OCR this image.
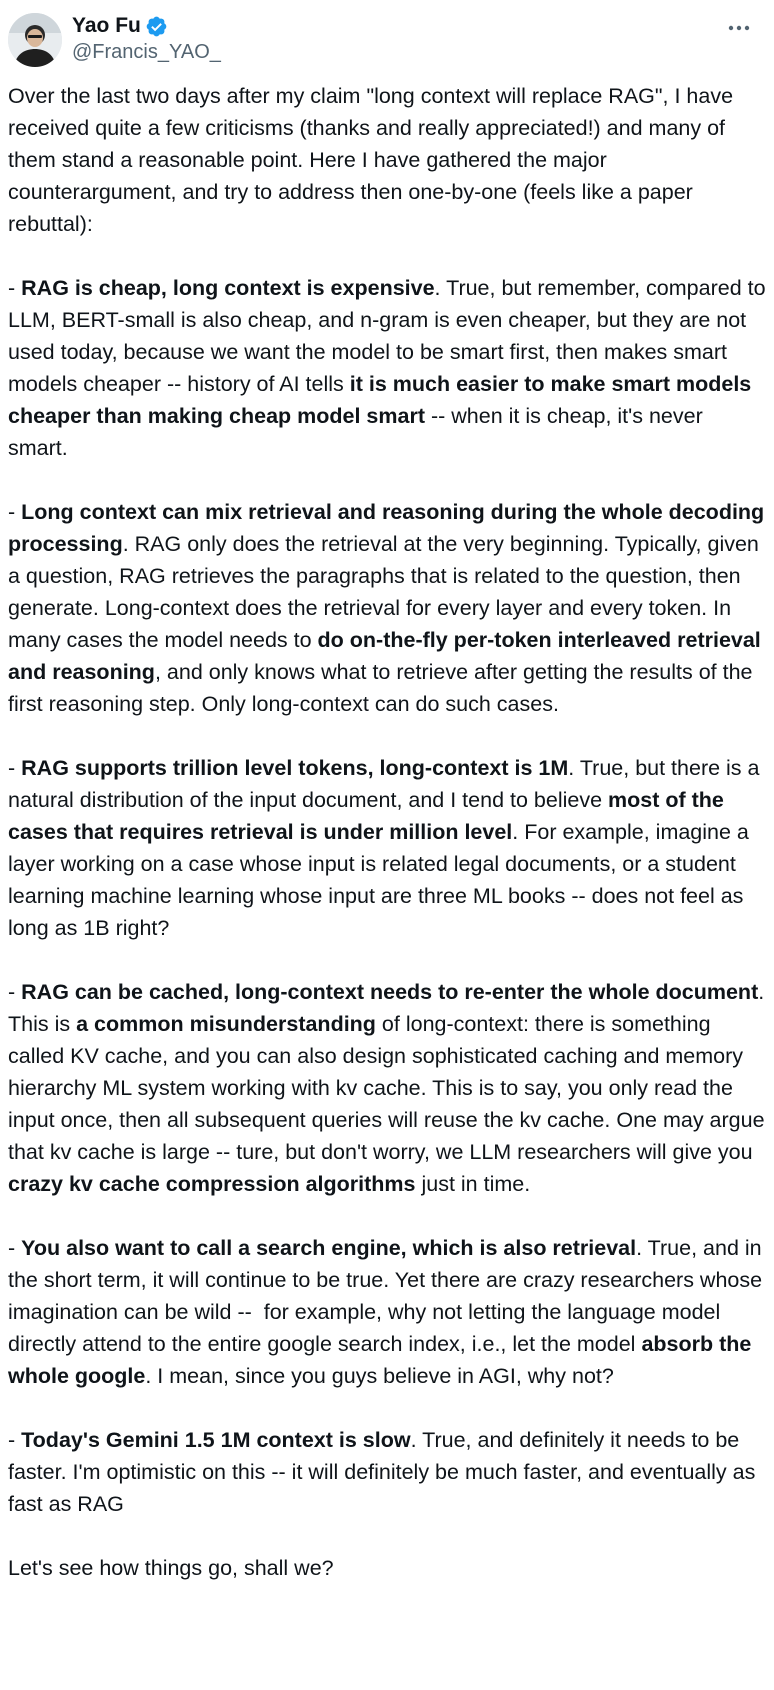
Yao Fu
@Francis_YAO_
Over the last two days after my claim "long context will replace RAG", I have received quite a few criticisms (thanks and really appreciated!) and many of them stand a reasonable point. Here I have gathered the major counterargument, and try to address then one-by-one (feels like a paper rebuttal):

- RAG is cheap, long context is expensive. True, but remember, compared to LLM, BERT-small is also cheap, and n-gram is even cheaper, but they are not used today, because we want the model to be smart first, then makes smart models cheaper -- history of AI tells it is much easier to make smart models cheaper than making cheap model smart -- when it is cheap, it's never smart.

- Long context can mix retrieval and reasoning during the whole decoding processing. RAG only does the retrieval at the very beginning. Typically, given a question, RAG retrieves the paragraphs that is related to the question, then generate. Long-context does the retrieval for every layer and every token. In many cases the model needs to do on-the-fly per-token interleaved retrieval and reasoning, and only knows what to retrieve after getting the results of the first reasoning step. Only long-context can do such cases.

- RAG supports trillion level tokens, long-context is 1M. True, but there is a natural distribution of the input document, and I tend to believe most of the cases that requires retrieval is under million level. For example, imagine a layer working on a case whose input is related legal documents, or a student learning machine learning whose input are three ML books -- does not feel as long as 1B right?

- RAG can be cached, long-context needs to re-enter the whole document. This is a common misunderstanding of long-context: there is something called KV cache, and you can also design sophisticated caching and memory hierarchy ML system working with kv cache. This is to say, you only read the input once, then all subsequent queries will reuse the kv cache. One may argue that kv cache is large -- ture, but don't worry, we LLM researchers will give you crazy kv cache compression algorithms just in time.

- You also want to call a search engine, which is also retrieval. True, and in the short term, it will continue to be true. Yet there are crazy researchers whose imagination can be wild --  for example, why not letting the language model directly attend to the entire google search index, i.e., let the model absorb the whole google. I mean, since you guys believe in AGI, why not?

- Today's Gemini 1.5 1M context is slow. True, and definitely it needs to be faster. I'm optimistic on this -- it will definitely be much faster, and eventually as fast as RAG

Let's see how things go, shall we?
